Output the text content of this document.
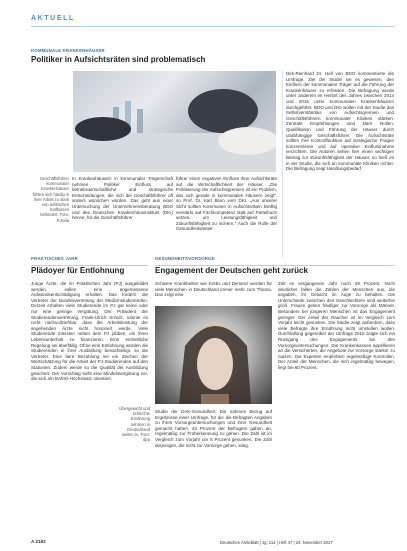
AKTUELL
KOMMUNALE KRANKENHÄUSER
Politiker in Aufsichtsräten sind problematisch
Geschäftsführer kommunaler Krankenhäuser fühlen sich häufig in ihrer Arbeit zu stark von politischen Einflüssen behindert. Foto: Fotolia
In Krankenhäusern in kommunaler Trägerschaft nehmen Politiker Einfluss auf betriebswirtschaftliche und strategische Entscheidungen, die sich die Geschäftsführer oft anders wünschen würden. Das geht aus einer Untersuchung der Unternehmensberatung BDO und des Deutschen Krankenhausinstituts (DKI) hervor, für die Geschäftsführer
führer einen negativen Einfluss ihrer Aufsichtsräte auf die Wirtschaftlichkeit der Häuser. „Die Politisierung der Aufsichtsgremien ist ein Problem, das sich gerade in kommunalen Häusern zeigt“, so Prof. Dr. Karl Blum vom DKI. „Aus unserer Sicht sollten Kommunen in Aufsichtsräten künftig verstärkt auf Fachkompetenz statt auf Parteibuch setzen, um Leistungsfähigkeit und Zukunftsfähigkeit zu sichern.“ Auch die Rolle der Gesundheitsämter
Dirk-Reinhard Dr. Hell von BDO kommentierte die Umfrage. Ziel der Studie sei es gewesen, den Einfluss der kommunalen Träger auf die Führung der Krankenhäuser zu erfassen. Die Befragung wurde unter anderem im Herbst des Jahres zwischen 2014 und 2016 unter kommunalen Krankenhäusern durchgeführt. BDO und DKI wollen mit der Studie das Selbstverständnis von Aufsichtsgremien und Geschäftsführern kommunaler Kliniken stärken. Zentrale Empfehlungen sind klare Rollen, Qualifikation und Führung der Häuser durch unabhängige Geschäftsführer. Die Aufsichtsräte sollten ihre Kontrollfunktion auf strategische Fragen konzentrieren und auf operative Einflussnahme verzichten. Die Autoren sehen hier einen wichtigen Beitrag zur Zukunftsfähigkeit der Häuser, so hieß es in der Studie, die sich an kommunale Kliniken richtet. Die Befragung zeigt Handlungsbedarf.
PRAKTISCHES JAHR
Plädoyer für Entlohnung
Junge Ärzte, die im Praktischen Jahr (PJ) ausgebildet werden, sollen eine angemessene Aufwandsentschädigung erhalten. Das fordern die Vertreter der Bundesvertretung der Medizinstudierenden. Derzeit erhalten viele Studierende im PJ gar keine oder nur eine geringe Vergütung. Der Präsident der Studierendenvertretung, Frank-Ulrich Schulz, nannte es nicht nachvollziehbar, dass die Arbeitsleistung der angehenden Ärzte nicht honoriert werde. Viele Studierende müssten neben dem PJ jobben, um ihren Lebensunterhalt zu finanzieren. Eine einheitliche Regelung sei überfällig. Ohne eine Entlohnung würden die Studierenden in ihrer Ausbildung benachteiligt, so die Vertreter. Eine faire Bezahlung sei ein Zeichen der Wertschätzung für die Arbeit der PJ-Studierenden auf den Stationen. Zudem werde so die Qualität der Ausbildung gesichert. Der Vorschlag sieht eine Mindestvergütung vor, die sich am BAföG-Höchstsatz orientiert.
GESUNDHEITSVORSORGE
Engagement der Deutschen geht zurück
Schwere Krankheiten wie Krebs und Demenz werden für viele Menschen in Deutschland immer mehr zum Thema. Das zeigt eine
Übergewicht und schlechte Ernährung nehmen in Deutschland weiter zu. Foto: dpa
Studie der DAK-Gesundheit. Die nahmen Bezug auf Ergebnisse einer Umfrage, für die die Befragten Angaben zu ihren Vorsorgeuntersuchungen und ihrer Gesundheit gemacht hatten. 43 Prozent der Befragten gaben an, regelmäßig zur Früherkennung zu gehen. Die Zahl ist im Vergleich zum Vorjahr um 6 Prozent gesunken. Die Zahl derjenigen, die nicht zur Vorsorge gehen, stieg.
Zeit im vergangenen Jahr noch 49 Prozent. Noch deutlicher fallen die Zahlen der Menschen aus, die angaben, ihr Gewicht im Auge zu behalten. Die Unterschiede zwischen den Geschlechtern sind weiterhin groß. Frauen gehen häufiger zur Vorsorge als Männer. Besonders bei jüngeren Menschen ist das Engagement geringer. Der Anteil der Raucher ist im Vergleich zum Vorjahr leicht gesunken. Die Studie zeigt außerdem, dass viele Befragte ihre Ernährung nicht umstellen wollen. Durchfallung gegenüber der Umfrage 2016 zeigte sich ein Rückgang des Engagements bei den Vorsorgeuntersuchungen. Die Krankenkassen appellieren an die Versicherten, die Angebote zur Vorsorge stärker zu nutzen. Die Experten empfehlen regelmäßige Kontrollen. Der Anteil der Menschen, die sich regelmäßig bewegen, liegt bei 60 Prozent.
A 2182	Deutsches Ärzteblatt | Jg. 114 | Heft 47 | 24. November 2017
